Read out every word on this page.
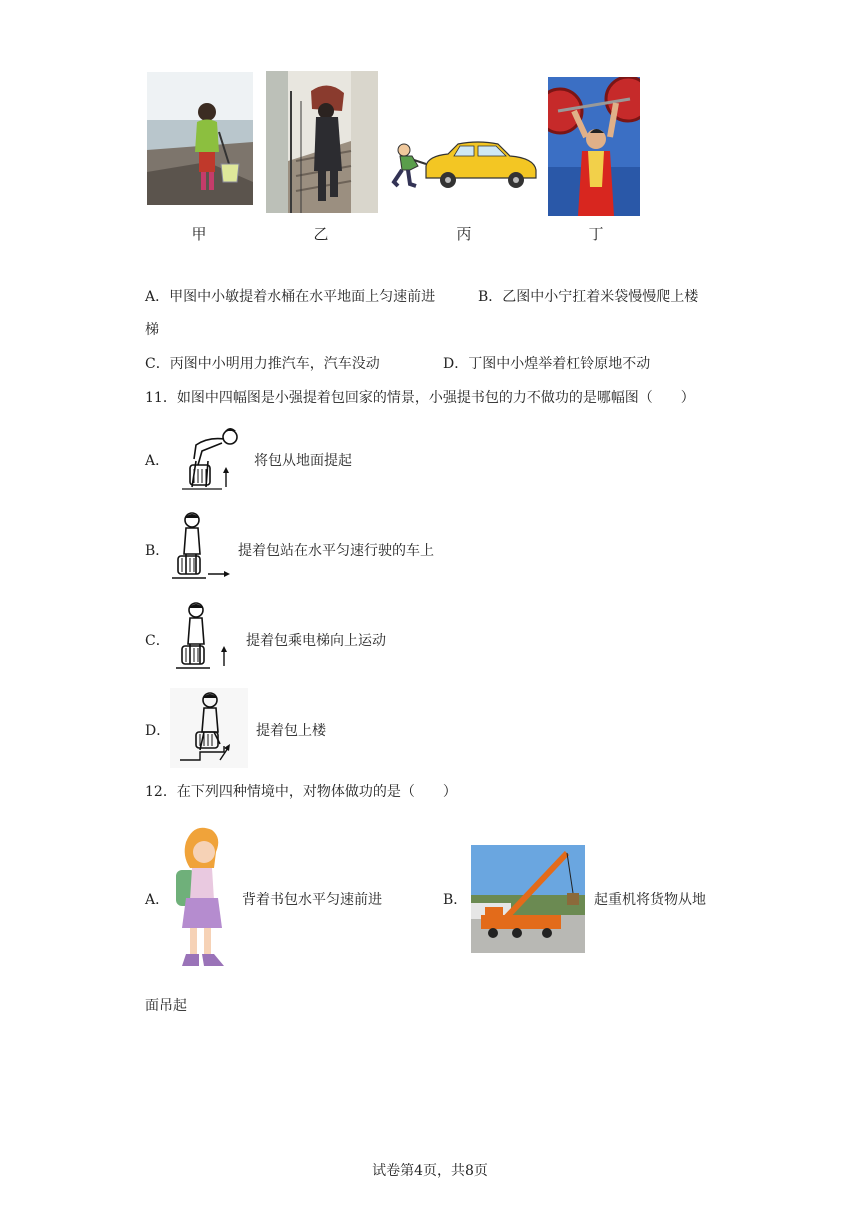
甲	乙	丙	丁
A．甲图中小敏提着水桶在水平地面上匀速前进	B．乙图中小宁扛着米袋慢慢爬上楼
梯
C．丙图中小明用力推汽车，汽车没动	D．丁图中小煌举着杠铃原地不动
11．如图中四幅图是小强提着包回家的情景，小强提书包的力不做功的是哪幅图（　　）
A．	将包从地面提起
B．	提着包站在水平匀速行驶的车上
C．	提着包乘电梯向上运动
D．	提着包上楼
12．在下列四种情境中，对物体做功的是（　　）
A．	背着书包水平匀速前进	B．	起重机将货物从地
面吊起
试卷第4页，共8页
